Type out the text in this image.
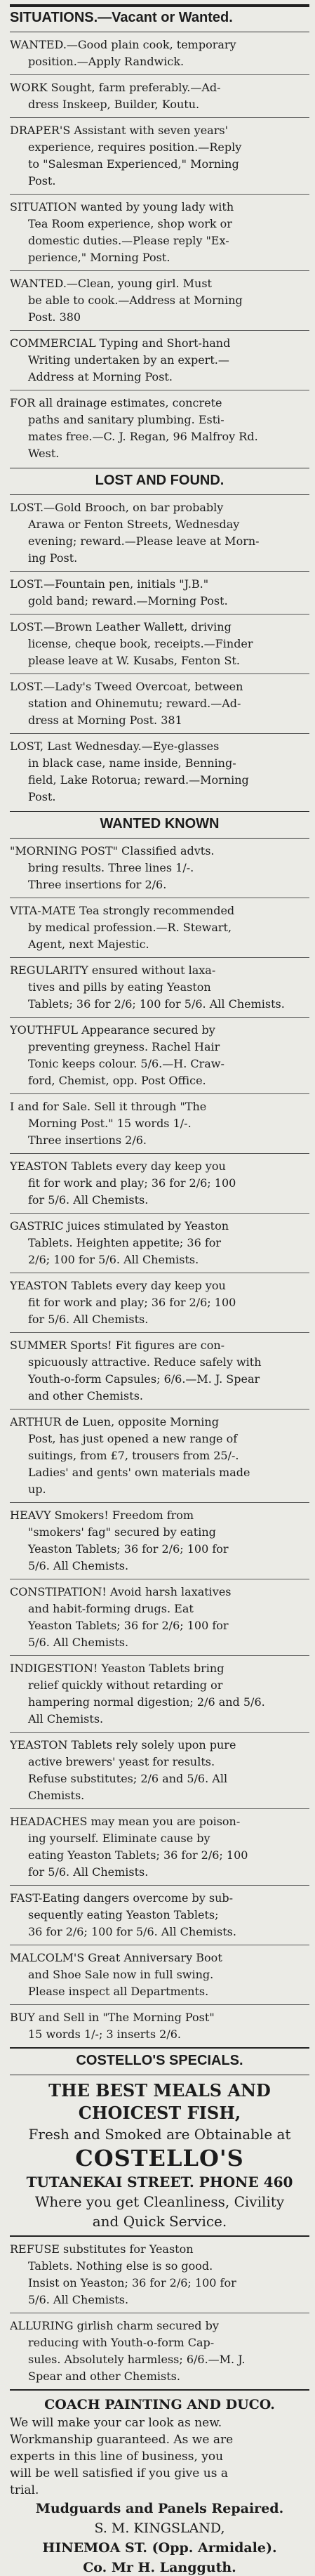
SITUATIONS.—Vacant or Wanted.
WANTED.—Good plain cook, temporary
position.—Apply Randwick.
WORK Sought, farm preferably.—Ad-
dress Inskeep, Builder, Koutu.
DRAPER'S Assistant with seven years'
experience, requires position.—Reply
to "Salesman Experienced," Morning
Post.
SITUATION wanted by young lady with
Tea Room experience, shop work or
domestic duties.—Please reply "Ex-
perience," Morning Post.
WANTED.—Clean, young girl. Must
be able to cook.—Address at Morning
Post. 380
COMMERCIAL Typing and Short-hand
Writing undertaken by an expert.—
Address at Morning Post.
FOR all drainage estimates, concrete
paths and sanitary plumbing. Esti-
mates free.—C. J. Regan, 96 Malfroy Rd.
West.
LOST AND FOUND.
LOST.—Gold Brooch, on bar probably
Arawa or Fenton Streets, Wednesday
evening; reward.—Please leave at Morn-
ing Post.
LOST.—Fountain pen, initials "J.B."
gold band; reward.—Morning Post.
LOST.—Brown Leather Wallett, driving
license, cheque book, receipts.—Finder
please leave at W. Kusabs, Fenton St.
LOST.—Lady's Tweed Overcoat, between
station and Ohinemutu; reward.—Ad-
dress at Morning Post. 381
LOST, Last Wednesday.—Eye-glasses
in black case, name inside, Benning-
field, Lake Rotorua; reward.—Morning
Post.
WANTED KNOWN
"MORNING POST" Classified advts.
bring results. Three lines 1/-.
Three insertions for 2/6.
VITA-MATE Tea strongly recommended
by medical profession.—R. Stewart,
Agent, next Majestic.
REGULARITY ensured without laxa-
tives and pills by eating Yeaston
Tablets; 36 for 2/6; 100 for 5/6. All Chemists.
YOUTHFUL Appearance secured by
preventing greyness. Rachel Hair
Tonic keeps colour. 5/6.—H. Craw-
ford, Chemist, opp. Post Office.
I and for Sale. Sell it through "The
Morning Post." 15 words 1/-.
Three insertions 2/6.
YEASTON Tablets every day keep you
fit for work and play; 36 for 2/6; 100
for 5/6. All Chemists.
GASTRIC juices stimulated by Yeaston
Tablets. Heighten appetite; 36 for
2/6; 100 for 5/6. All Chemists.
YEASTON Tablets every day keep you
fit for work and play; 36 for 2/6; 100
for 5/6. All Chemists.
SUMMER Sports! Fit figures are con-
spicuously attractive. Reduce safely with
Youth-o-form Capsules; 6/6.—M. J. Spear
and other Chemists.
ARTHUR de Luen, opposite Morning
Post, has just opened a new range of
suitings, from £7, trousers from 25/-.
Ladies' and gents' own materials made
up.
HEAVY Smokers! Freedom from
"smokers' fag" secured by eating
Yeaston Tablets; 36 for 2/6; 100 for
5/6. All Chemists.
CONSTIPATION! Avoid harsh laxatives
and habit-forming drugs. Eat
Yeaston Tablets; 36 for 2/6; 100 for
5/6. All Chemists.
INDIGESTION! Yeaston Tablets bring
relief quickly without retarding or
hampering normal digestion; 2/6 and 5/6.
All Chemists.
YEASTON Tablets rely solely upon pure
active brewers' yeast for results.
Refuse substitutes; 2/6 and 5/6. All
Chemists.
HEADACHES may mean you are poison-
ing yourself. Eliminate cause by
eating Yeaston Tablets; 36 for 2/6; 100
for 5/6. All Chemists.
FAST-Eating dangers overcome by sub-
sequently eating Yeaston Tablets;
36 for 2/6; 100 for 5/6. All Chemists.
MALCOLM'S Great Anniversary Boot
and Shoe Sale now in full swing.
Please inspect all Departments.
BUY and Sell in "The Morning Post"
15 words 1/-; 3 inserts 2/6.
COSTELLO'S SPECIALS.
THE BEST MEALS AND
CHOICEST FISH,
Fresh and Smoked are Obtainable at
COSTELLO'S
TUTANEKAI STREET. PHONE 460
Where you get Cleanliness, Civility
and Quick Service.
REFUSE substitutes for Yeaston
Tablets. Nothing else is so good.
Insist on Yeaston; 36 for 2/6; 100 for
5/6. All Chemists.
ALLURING girlish charm secured by
reducing with Youth-o-form Cap-
sules. Absolutely harmless; 6/6.—M. J.
Spear and other Chemists.
COACH PAINTING AND DUCO.
We will make your car look as new.
Workmanship guaranteed. As we are
experts in this line of business, you
will be well satisfied if you give us a
trial.
Mudguards and Panels Repaired.
S. M. KINGSLAND,
HINEMOA ST. (Opp. Armidale).
Co. Mr H. Langguth.
